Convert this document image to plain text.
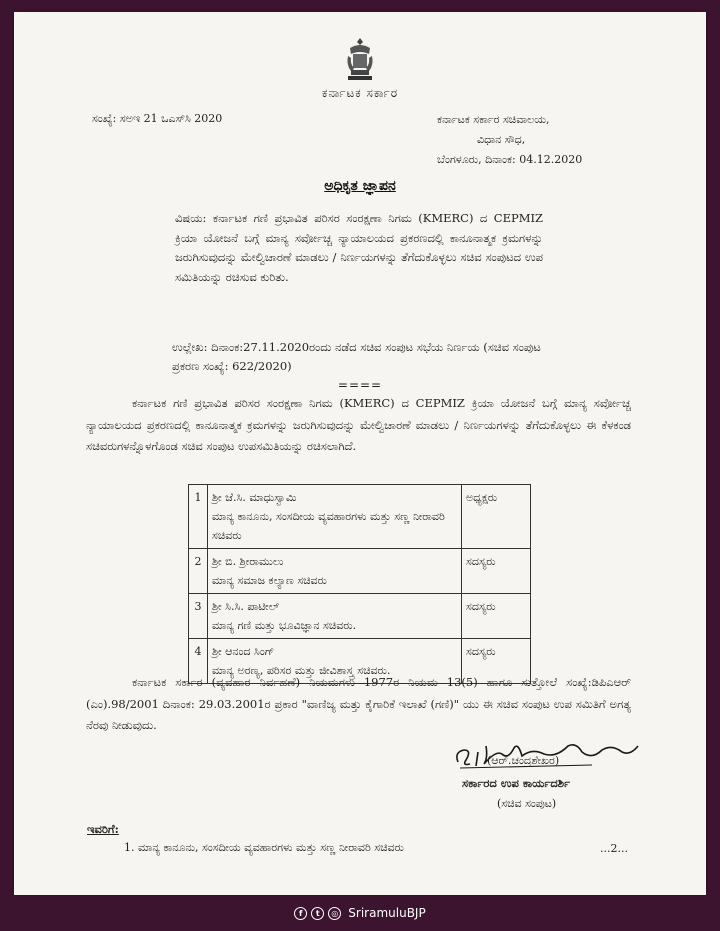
ಕರ್ನಾಟಕ ಸರ್ಕಾರ
ಸಂಖ್ಯೆ: ಸಅಇ 21 ಒಎಸ್‌ಸಿ 2020	ಕರ್ನಾಟಕ ಸರ್ಕಾರ ಸಚಿವಾಲಯ,
ವಿಧಾನ ಸೌಧ,
ಬೆಂಗಳೂರು, ದಿನಾಂಕ: 04.12.2020
ಅಧಿಕೃತ ಜ್ಞಾಪನ
ವಿಷಯ: ಕರ್ನಾಟಕ ಗಣಿ ಪ್ರಭಾವಿತ ಪರಿಸರ ಸಂರಕ್ಷಣಾ ನಿಗಮ (KMERC) ದ CEPMIZ ಕ್ರಿಯಾ ಯೋಜನೆ ಬಗ್ಗೆ ಮಾನ್ಯ ಸರ್ವೋಚ್ಚ ನ್ಯಾಯಾಲಯದ ಪ್ರಕರಣದಲ್ಲಿ ಕಾನೂನಾತ್ಮಕ ಕ್ರಮಗಳನ್ನು ಜರುಗಿಸುವುದನ್ನು ಮೇಲ್ವಿಚಾರಣೆ ಮಾಡಲು / ನಿರ್ಣಯಗಳನ್ನು ತೆಗೆದುಕೊಳ್ಳಲು ಸಚಿವ ಸಂಪುಟದ ಉಪ ಸಮಿತಿಯನ್ನು ರಚಿಸುವ ಕುರಿತು.
ಉಲ್ಲೇಖ: ದಿನಾಂಕ:27.11.2020ರಂದು ನಡೆದ ಸಚಿವ ಸಂಪುಟ ಸಭೆಯ ನಿರ್ಣಯ (ಸಚಿವ ಸಂಪುಟ ಪ್ರಕರಣ ಸಂಖ್ಯೆ: 622/2020)
====
ಕರ್ನಾಟಕ ಗಣಿ ಪ್ರಭಾವಿತ ಪರಿಸರ ಸಂರಕ್ಷಣಾ ನಿಗಮ (KMERC) ದ CEPMIZ ಕ್ರಿಯಾ ಯೋಜನೆ ಬಗ್ಗೆ ಮಾನ್ಯ ಸರ್ವೋಚ್ಚ ನ್ಯಾಯಾಲಯದ ಪ್ರಕರಣದಲ್ಲಿ ಕಾನೂನಾತ್ಮಕ ಕ್ರಮಗಳನ್ನು ಜರುಗಿಸುವುದನ್ನು ಮೇಲ್ವಿಚಾರಣೆ ಮಾಡಲು / ನಿರ್ಣಯಗಳನ್ನು ತೆಗೆದುಕೊಳ್ಳಲು ಈ ಕೆಳಕಂಡ ಸಚಿವರುಗಳನ್ನೊಳಗೊಂಡ ಸಚಿವ ಸಂಪುಟ ಉಪಸಮಿತಿಯನ್ನು ರಚಿಸಲಾಗಿದೆ.
1	ಶ್ರೀ ಜೆ.ಸಿ. ಮಾಧುಸ್ವಾಮಿ
ಮಾನ್ಯ ಕಾನೂನು, ಸಂಸದೀಯ ವ್ಯವಹಾರಗಳು ಮತ್ತು ಸಣ್ಣ ನೀರಾವರಿ ಸಚಿವರು	ಅಧ್ಯಕ್ಷರು
2	ಶ್ರೀ ಬಿ. ಶ್ರೀರಾಮುಲು
ಮಾನ್ಯ ಸಮಾಜ ಕಲ್ಯಾಣ ಸಚಿವರು	ಸದಸ್ಯರು
3	ಶ್ರೀ ಸಿ.ಸಿ. ಪಾಟೀಲ್
ಮಾನ್ಯ ಗಣಿ ಮತ್ತು ಭೂವಿಜ್ಞಾನ ಸಚಿವರು.	ಸದಸ್ಯರು
4	ಶ್ರೀ ಆನಂದ ಸಿಂಗ್
ಮಾನ್ಯ ಅರಣ್ಯ, ಪರಿಸರ ಮತ್ತು ಜೀವಿಶಾಸ್ತ್ರ ಸಚಿವರು.	ಸದಸ್ಯರು
ಕರ್ನಾಟಕ ಸರ್ಕಾರ (ವ್ಯವಹಾರ ನಿರ್ವಹಣೆ) ನಿಯಮಗಳು 1977ರ ನಿಯಮ 13(5) ಹಾಗೂ ಸುತ್ತೋಲೆ ಸಂಖ್ಯೆ:ಡಿಪಿಎಆರ್ (ಎಂ).98/2001 ದಿನಾಂಕ: 29.03.2001ರ ಪ್ರಕಾರ "ವಾಣಿಜ್ಯ ಮತ್ತು ಕೈಗಾರಿಕೆ ಇಲಾಖೆ (ಗಣಿ)" ಯು ಈ ಸಚಿವ ಸಂಪುಟ ಉಪ ಸಮಿತಿಗೆ ಅಗತ್ಯ ನೆರವು ನೀಡುವುದು.
(ಆರ್.ಚಂದ್ರಶೇಖರ)
ಸರ್ಕಾರದ ಉಪ ಕಾರ್ಯದರ್ಶಿ
(ಸಚಿವ ಸಂಪುಟ)
ಇವರಿಗೆ:
1. ಮಾನ್ಯ ಕಾನೂನು, ಸಂಸದೀಯ ವ್ಯವಹಾರಗಳು ಮತ್ತು ಸಣ್ಣ ನೀರಾವರಿ ಸಚಿವರು	...2...
f	t	◎ SriramuluBJP
